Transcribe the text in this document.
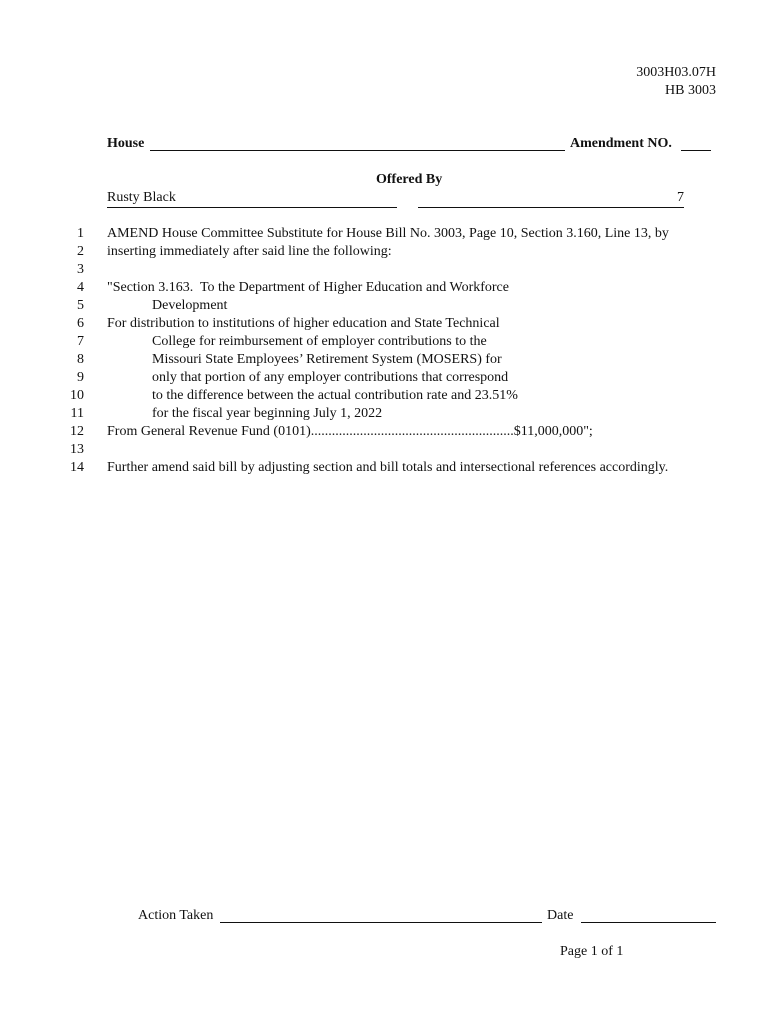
3003H03.07H
HB 3003
House	Amendment NO.
Offered By
Rusty Black	7
1 AMEND House Committee Substitute for House Bill No. 3003, Page 10, Section 3.160, Line 13, by
2 inserting immediately after said line the following:
3
4 "Section 3.163.  To the Department of Higher Education and Workforce
5	Development
6 For distribution to institutions of higher education and State Technical
7	College for reimbursement of employer contributions to the
8	Missouri State Employees’ Retirement System (MOSERS) for
9	only that portion of any employer contributions that correspond
10	to the difference between the actual contribution rate and 23.51%
11	for the fiscal year beginning July 1, 2022
12 From General Revenue Fund (0101)..........................................................$11,000,000";
13
14 Further amend said bill by adjusting section and bill totals and intersectional references accordingly.
Action Taken	Date
Page 1 of 1
